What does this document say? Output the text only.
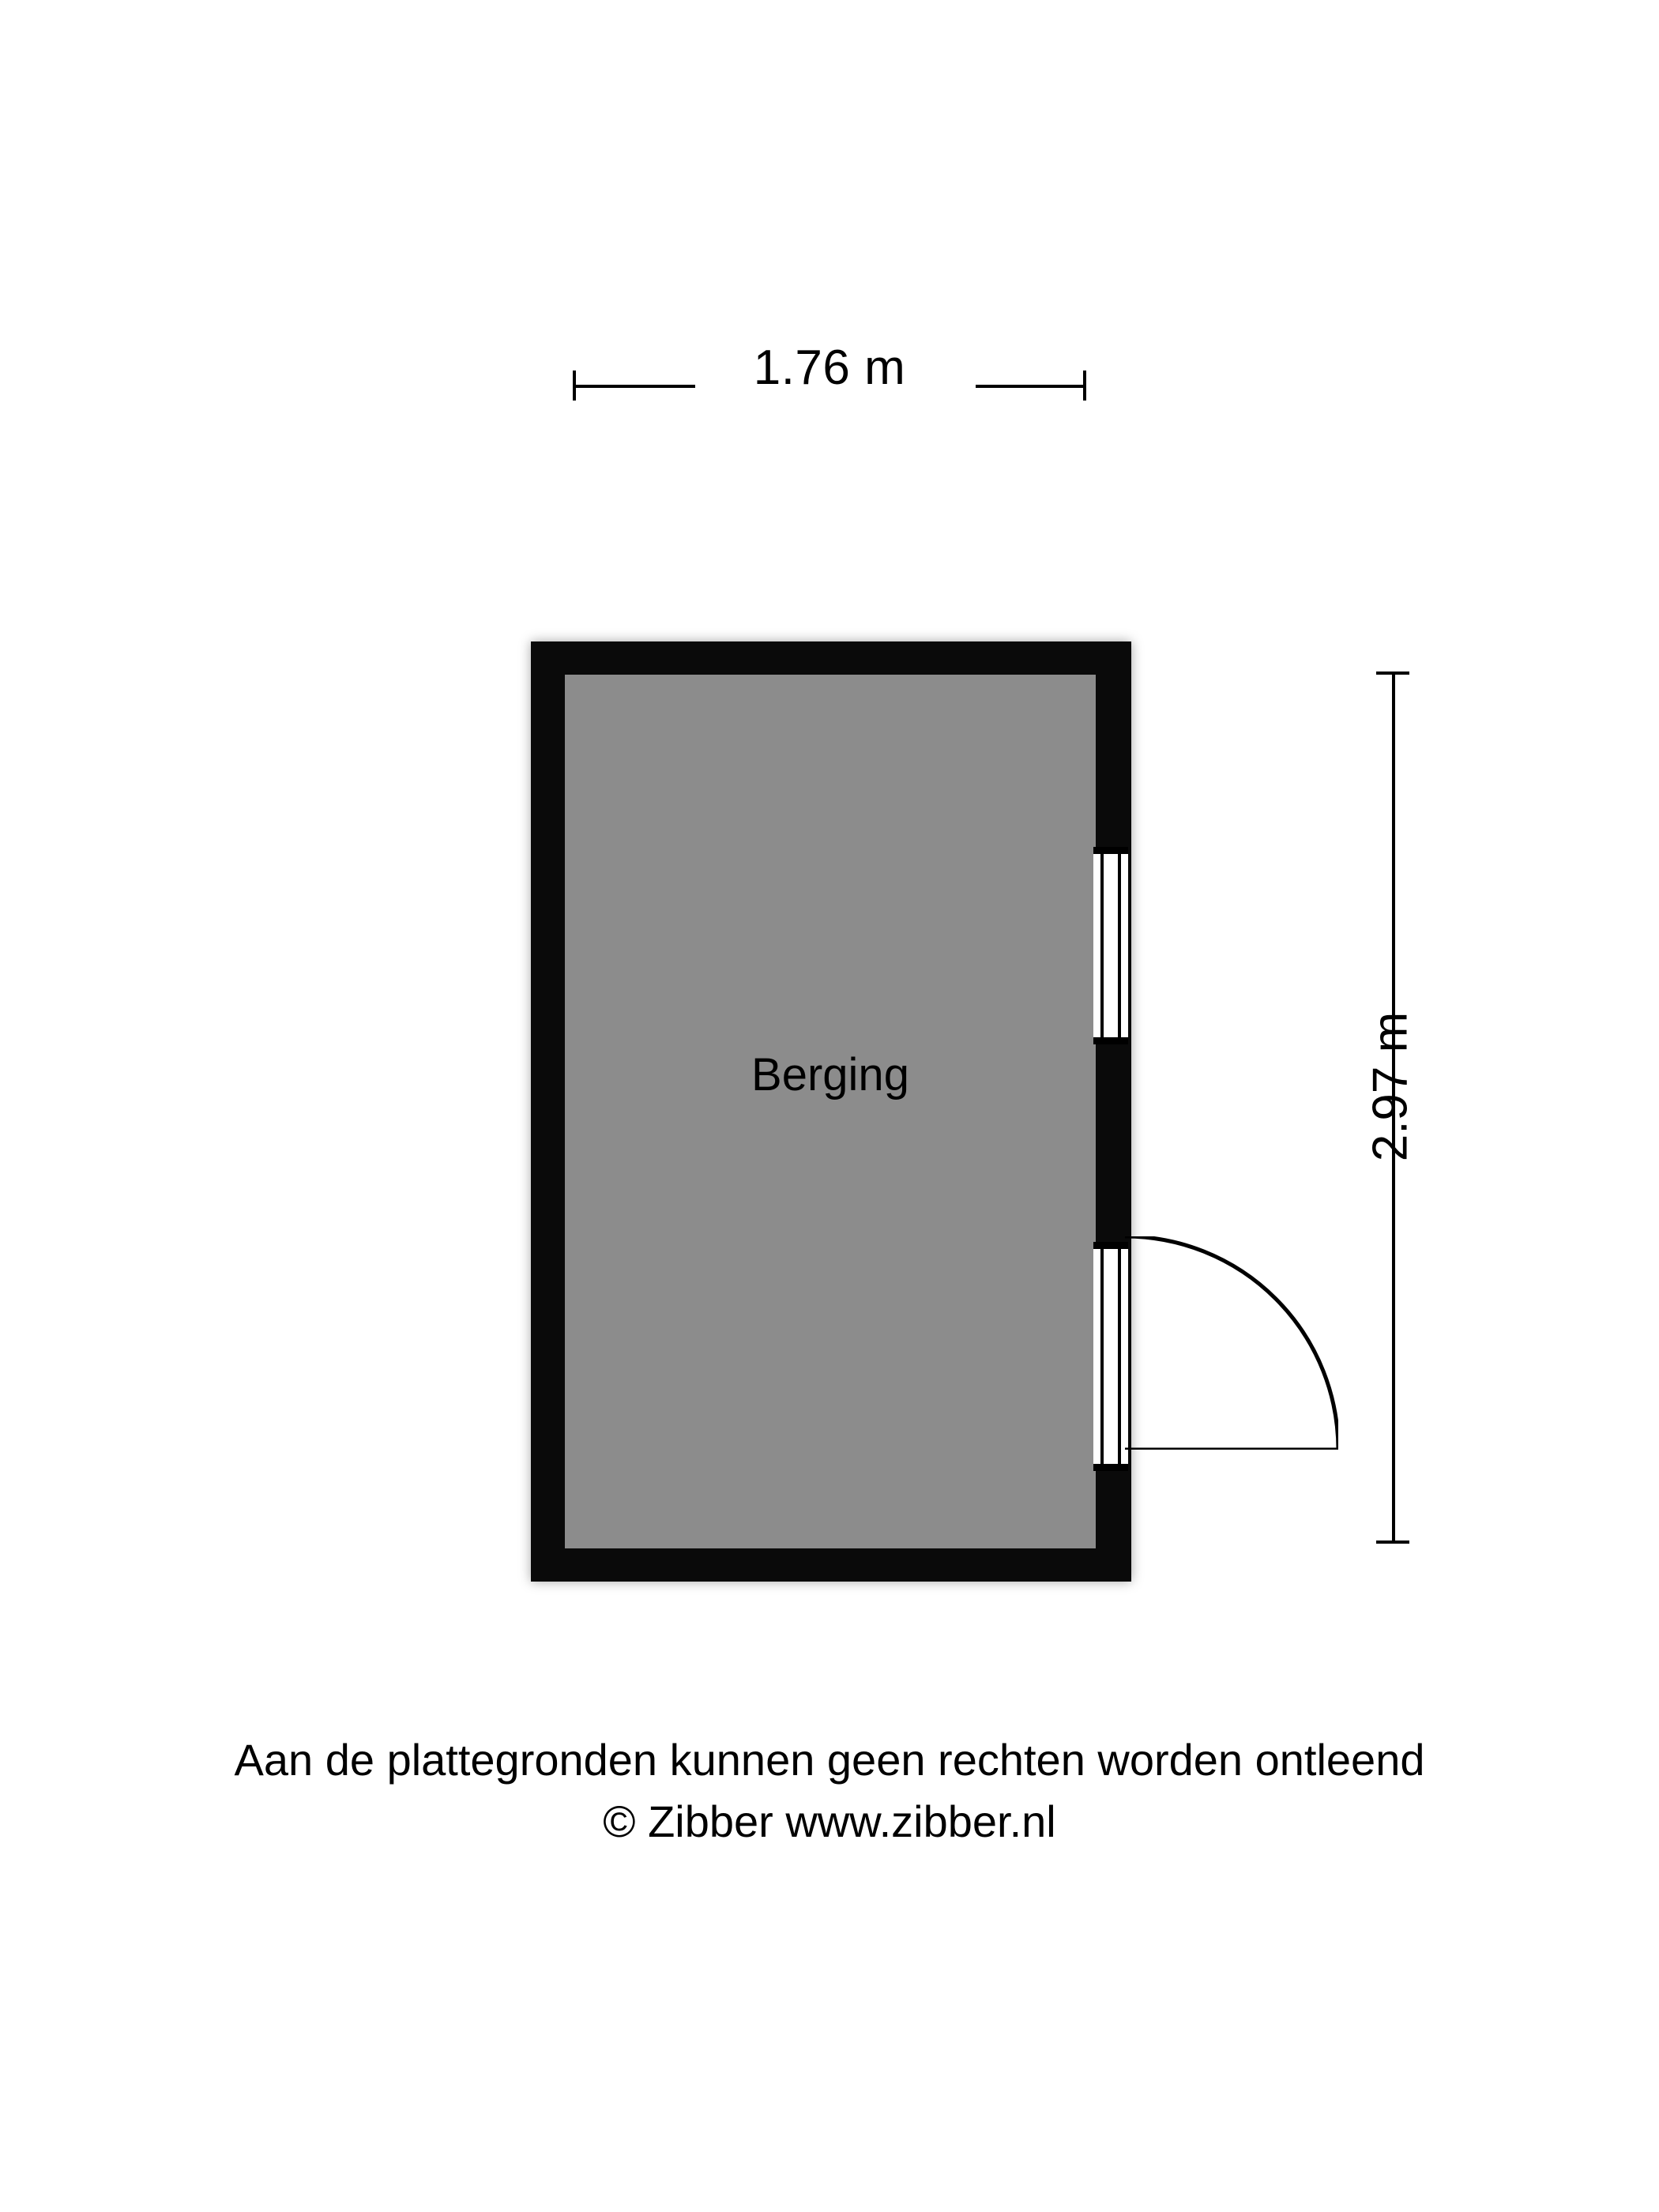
1.76 m
2.97 m
Berging
Aan de plattegronden kunnen geen rechten worden ontleend
© Zibber www.zibber.nl
